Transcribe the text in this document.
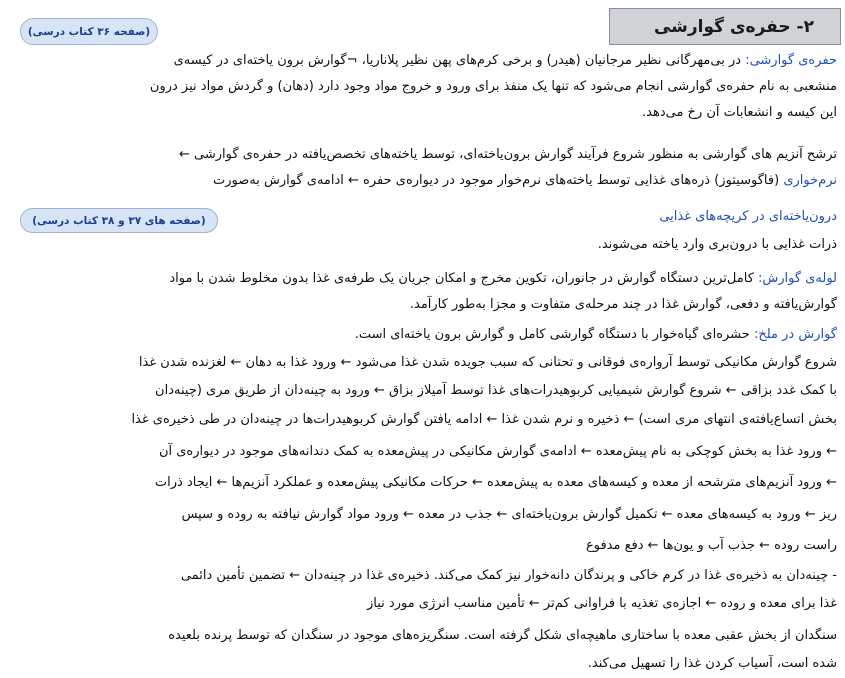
۲- حفره‌ی گوارشی
(صفحه ۳۶ کتاب درسی)
حفره‌ی گوارشی: در بی‌مهرگانی نظیر مرجانیان (هیدر) و برخی کرم‌های پهن نظیر پلاناریا، ¬گوارش برون یاخته‌ای در کیسه‌ی
منشعبی به نام حفره‌ی گوارشی انجام می‌شود که تنها یک منفذ برای ورود و خروج مواد وجود دارد (دهان) و گردش مواد نیز درون
این کیسه و انشعابات آن رخ می‌دهد.
ترشح آنزیم های گوارشی به منظور شروع فرآیند گوارش برون‌یاخته‌ای، توسط یاخته‌های تخصص‌یافته در حفره‌ی گوارشی ←
نرم‌خواری (فاگوسیتوز) ذره‌های غذایی توسط یاخته‌های نرم‌خوار موجود در دیواره‌ی حفره ← ادامه‌ی گوارش به‌صورت
درون‌یاخته‌ای در کریچه‌های غذایی
(صفحه های ۳۷ و ۳۸ کتاب درسی)
ذرات غذایی با درون‌بری وارد یاخته می‌شوند.
لوله‌ی گوارش: کامل‌ترین دستگاه گوارش در جانوران، تکوین مخرج و امکان جریان یک طرفه‌ی غذا بدون مخلوط شدن با مواد
گوارش‌یافته و دفعی، گوارش غذا در چند مرحله‌ی متفاوت و مجزا به‌طور کارآمد.
گوارش در ملخ: حشره‌ای گیاه‌خوار با دستگاه گوارشی کامل و گوارش برون یاخته‌ای است.
شروع گوارش مکانیکی توسط آرواره‌ی فوقانی و تحتانی که سبب جویده شدن غذا می‌شود ← ورود غذا به دهان ← لغزنده شدن غذا
با کمک غدد بزاقی ← شروع گوارش شیمیایی کربوهیدرات‌های غذا توسط آمیلاز بزاق ← ورود به چینه‌دان از طریق مری (چینه‌دان
بخش اتساع‌یافته‌ی انتهای مری است) ← ذخیره و نرم شدن غذا ← ادامه یافتن گوارش کربوهیدرات‌ها در چینه‌دان در طی ذخیره‌ی غذا
← ورود غذا به بخش کوچکی به نام پیش‌معده ← ادامه‌ی گوارش مکانیکی در پیش‌معده به کمک دندانه‌های موجود در دیواره‌ی آن
← ورود آنزیم‌های مترشحه از معده و کیسه‌های معده به پیش‌معده ← حرکات مکانیکی پیش‌معده و عملکرد آنزیم‌ها ← ایجاد ذرات
ریز ← ورود به کیسه‌های معده ← تکمیل گوارش برون‌یاخته‌ای ← جذب در معده ← ورود مواد گوارش نیافته به روده و سپس
راست روده ← جذب آب و یون‌ها ← دفع مدفوع
- چینه‌دان به ذخیره‌ی غذا در کرم خاکی و پرندگان دانه‌خوار نیز کمک می‌کند. ذخیره‌ی غذا در چینه‌دان ← تضمین تأمین دائمی
غذا برای معده و روده ← اجازه‌ی تغذیه با فراوانی کم‌تر ← تأمین مناسب انرژی مورد نیاز
سنگدان از بخش عقبی معده با ساختاری ماهیچه‌ای شکل گرفته است. سنگریزه‌های موجود در سنگدان که توسط پرنده بلعیده
شده است، آسیاب کردن غذا را تسهیل می‌کند.
